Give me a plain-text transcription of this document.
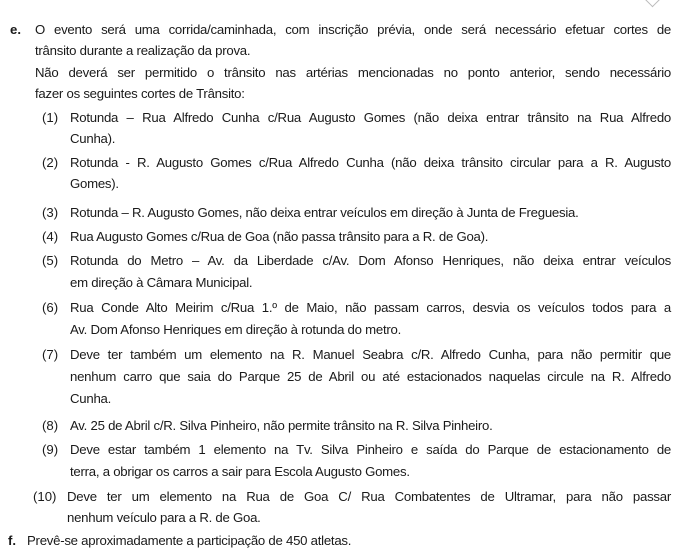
e. O evento será uma corrida/caminhada, com inscrição prévia, onde será necessário efetuar cortes de
trânsito durante a realização da prova.
Não deverá ser permitido o trânsito nas artérias mencionadas no ponto anterior, sendo necessário
fazer os seguintes cortes de Trânsito:
(1) Rotunda – Rua Alfredo Cunha c/Rua Augusto Gomes (não deixa entrar trânsito na Rua Alfredo
Cunha).
(2) Rotunda - R. Augusto Gomes c/Rua Alfredo Cunha (não deixa trânsito circular para a R. Augusto
Gomes).
(3) Rotunda – R. Augusto Gomes, não deixa entrar veículos em direção à Junta de Freguesia.
(4) Rua Augusto Gomes c/Rua de Goa (não passa trânsito para a R. de Goa).
(5) Rotunda do Metro – Av. da Liberdade c/Av. Dom Afonso Henriques, não deixa entrar veículos
em direção à Câmara Municipal.
(6) Rua Conde Alto Meirim c/Rua 1.º de Maio, não passam carros, desvia os veículos todos para a
Av. Dom Afonso Henriques em direção à rotunda do metro.
(7) Deve ter também um elemento na R. Manuel Seabra c/R. Alfredo Cunha, para não permitir que
nenhum carro que saia do Parque 25 de Abril ou até estacionados naquelas circule na R. Alfredo
Cunha.
(8) Av. 25 de Abril c/R. Silva Pinheiro, não permite trânsito na R. Silva Pinheiro.
(9) Deve estar também 1 elemento na Tv. Silva Pinheiro e saída do Parque de estacionamento de
terra, a obrigar os carros a sair para Escola Augusto Gomes.
(10) Deve ter um elemento na Rua de Goa C/ Rua Combatentes de Ultramar, para não passar
nenhum veículo para a R. de Goa.
f. Prevê-se aproximadamente a participação de 450 atletas.
